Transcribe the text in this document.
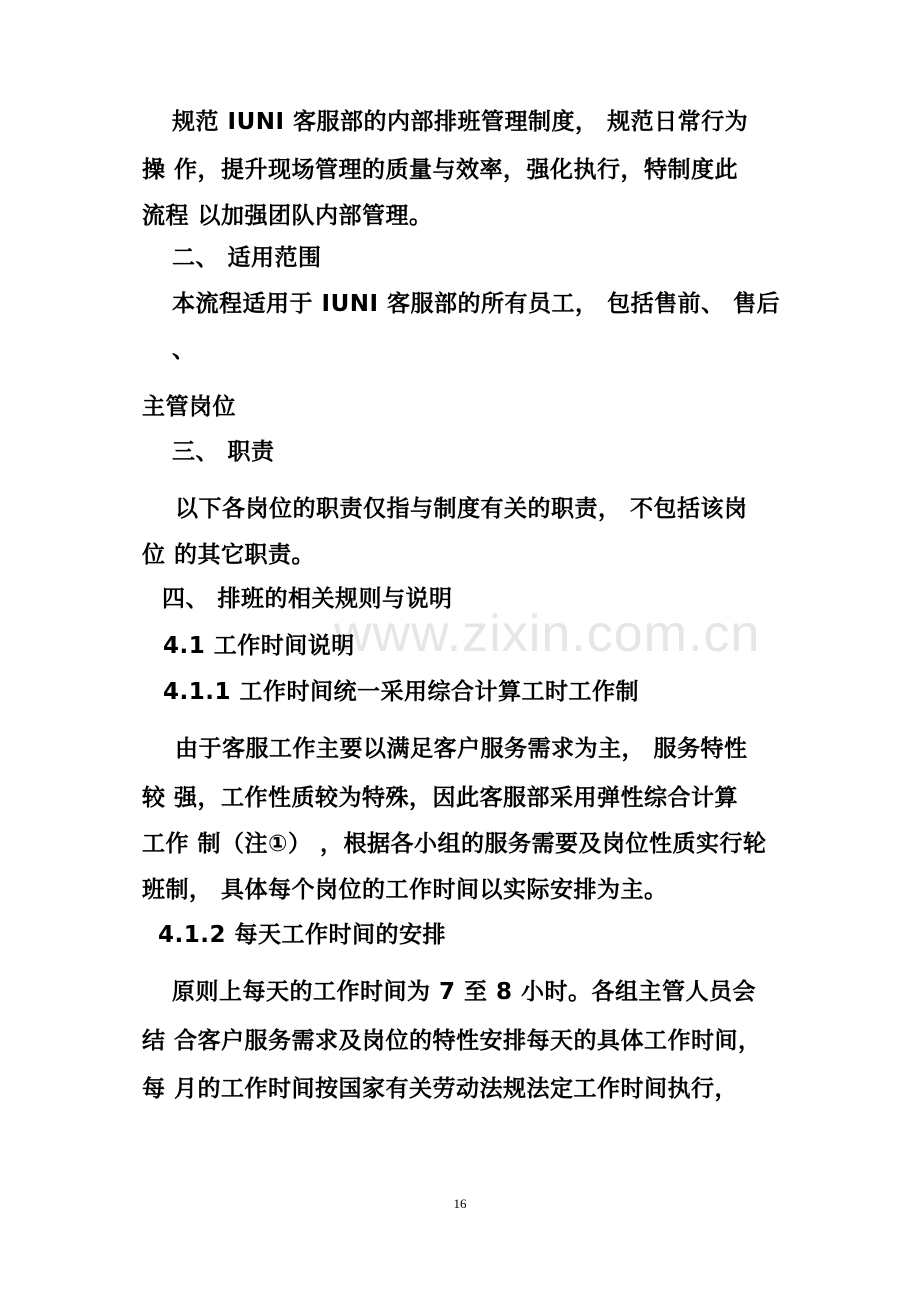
www.zixin.com.cn
规范 IUNI 客服部的内部排班管理制度， 规范日常行为
操 作，提升现场管理的质量与效率，强化执行，特制度此
流程 以加强团队内部管理。
二、 适用范围
本流程适用于 IUNI 客服部的所有员工， 包括售前、 售后
、
主管岗位
三、 职责
以下各岗位的职责仅指与制度有关的职责， 不包括该岗
位 的其它职责。
四、 排班的相关规则与说明
4.1 工作时间说明
4.1.1 工作时间统一采用综合计算工时工作制
由于客服工作主要以满足客户服务需求为主， 服务特性
较 强，工作性质较为特殊，因此客服部采用弹性综合计算
工作 制（注①） ，根据各小组的服务需要及岗位性质实行轮
班制， 具体每个岗位的工作时间以实际安排为主。
4.1.2 每天工作时间的安排
原则上每天的工作时间为 7 至 8 小时。各组主管人员会
结 合客户服务需求及岗位的特性安排每天的具体工作时间，
每 月的工作时间按国家有关劳动法规法定工作时间执行，
16
